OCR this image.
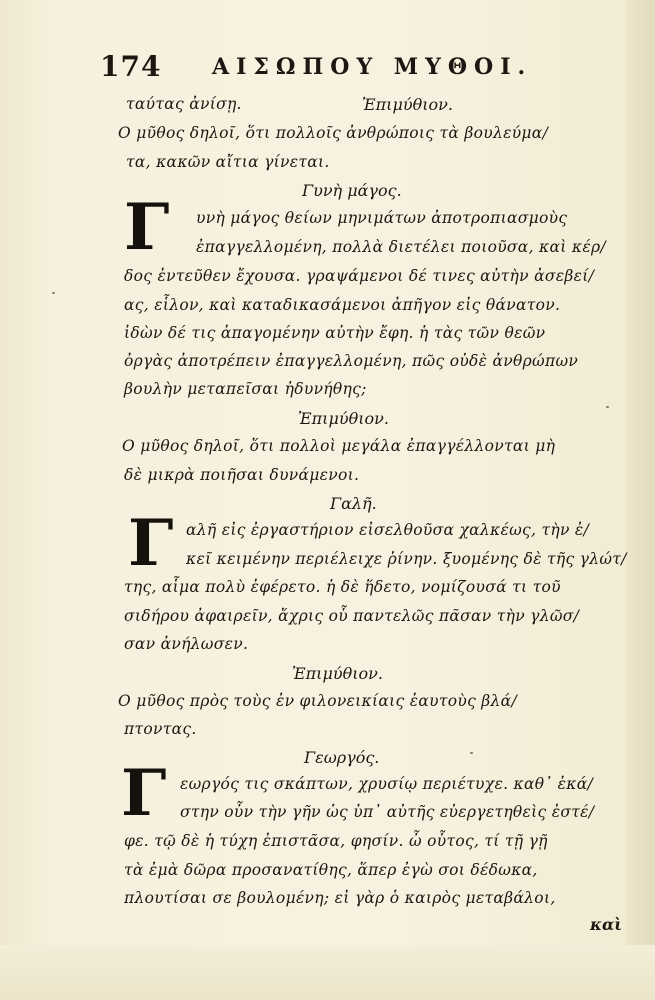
174 ΑΙΣΩΠΟΥ ΜΥΘΟΙ.
Γ
Γ
Γ
ταύτας ἀνίσῃ.	Ἐπιμύθιον.
Ο μῦθος δηλοῖ, ὅτι πολλοῖς ἀνθρώποις τὰ βουλεύμα/
τα, κακῶν αἴτια γίνεται.
Γυνὴ μάγος.
υνὴ μάγος θείων μηνιμάτων ἀποτροπιασμοὺς
ἐπαγγελλομένη, πολλὰ διετέλει ποιοῦσα, καὶ κέρ/
δος ἐντεῦθεν ἔχουσα. γραψάμενοι δέ τινες αὐτὴν ἀσεβεί/
ας, εἷλον, καὶ καταδικασάμενοι ἀπῆγον εἰς θάνατον.
ἰδὼν δέ τις ἀπαγομένην αὐτὴν ἔφη. ἡ τὰς τῶν θεῶν
ὀργὰς ἀποτρέπειν ἐπαγγελλομένη, πῶς οὐδὲ ἀνθρώπων
βουλὴν μεταπεῖσαι ἠδυνήθης;
Ἐπιμύθιον.
Ο μῦθος δηλοῖ, ὅτι πολλοὶ μεγάλα ἐπαγγέλλονται μὴ
δὲ μικρὰ ποιῆσαι δυνάμενοι.
Γαλῆ.
αλῆ εἰς ἐργαστήριον εἰσελθοῦσα χαλκέως, τὴν ἐ/
κεῖ κειμένην περιέλειχε ῥίνην. ξυομένης δὲ τῆς γλώτ/
της, αἷμα πολὺ ἐφέρετο. ἡ δὲ ἥδετο, νομίζουσά τι τοῦ
σιδήρου ἀφαιρεῖν, ἄχρις οὗ παντελῶς πᾶσαν τὴν γλῶσ/
σαν ἀνήλωσεν.
Ἐπιμύθιον.
Ο μῦθος πρὸς τοὺς ἐν φιλονεικίαις ἑαυτοὺς βλά/
πτοντας.
Γεωργός.
εωργός τις σκάπτων, χρυσίῳ περιέτυχε. καθ᾽ ἑκά/
στην οὖν τὴν γῆν ὡς ὑπ᾽ αὐτῆς εὐεργετηθεὶς ἐστέ/
φε. τῷ δὲ ἡ τύχη ἐπιστᾶσα, φησίν. ὦ οὗτος, τί τῇ γῇ
τὰ ἐμὰ δῶρα προσανατίθης, ἅπερ ἐγὼ σοι δέδωκα,
πλουτίσαι σε βουλομένη; εἰ γὰρ ὁ καιρὸς μεταβάλοι,
καὶ
